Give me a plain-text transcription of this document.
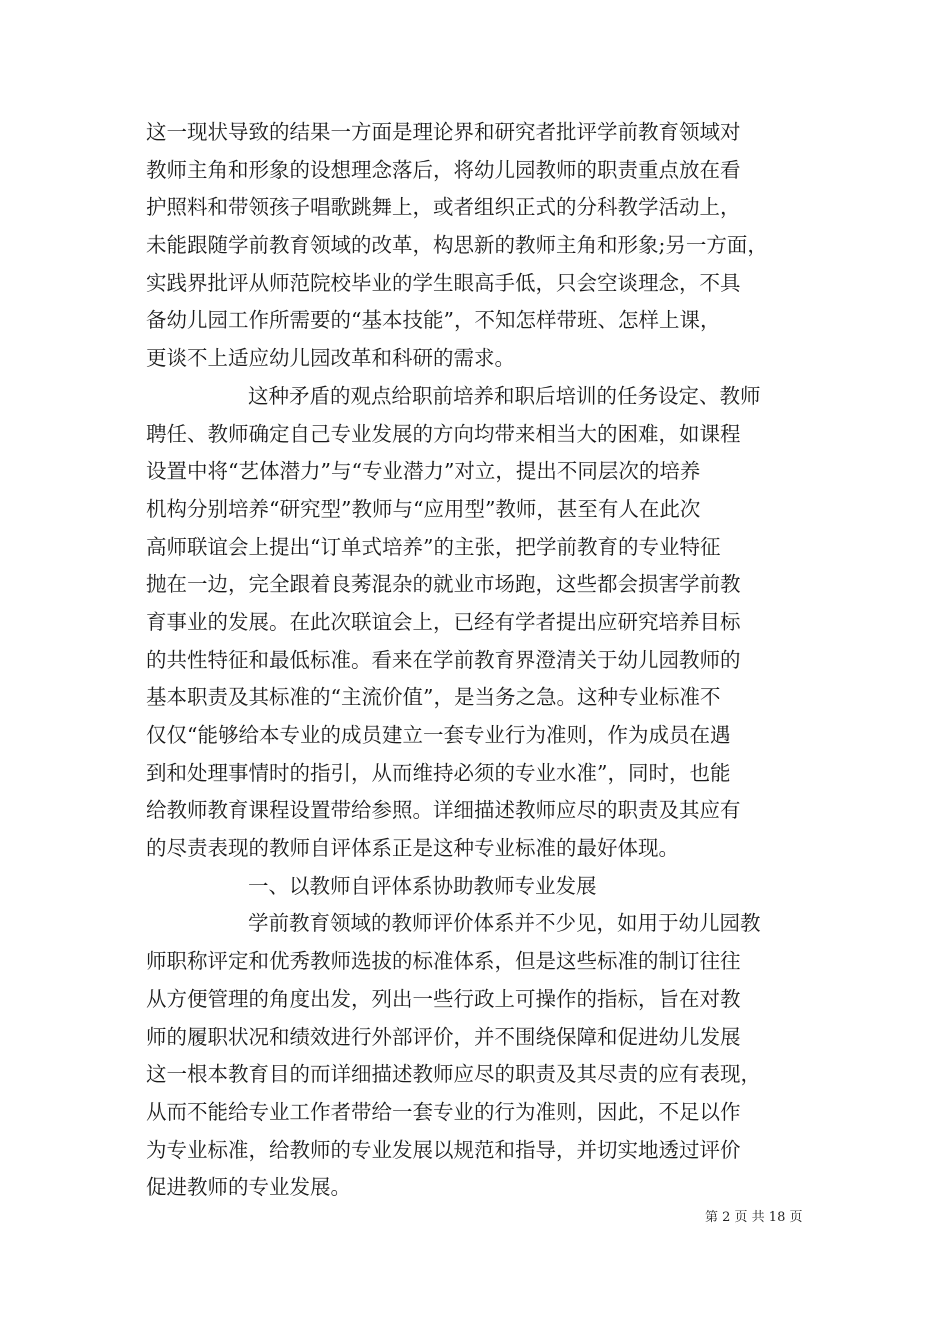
这一现状导致的结果一方面是理论界和研究者批评学前教育领域对
教师主角和形象的设想理念落后，将幼儿园教师的职责重点放在看
护照料和带领孩子唱歌跳舞上，或者组织正式的分科教学活动上，
未能跟随学前教育领域的改革，构思新的教师主角和形象;另一方面，
实践界批评从师范院校毕业的学生眼高手低，只会空谈理念，不具
备幼儿园工作所需要的“基本技能”，不知怎样带班、怎样上课，
更谈不上适应幼儿园改革和科研的需求。
这种矛盾的观点给职前培养和职后培训的任务设定、教师
聘任、教师确定自己专业发展的方向均带来相当大的困难，如课程
设置中将“艺体潜力”与“专业潜力”对立，提出不同层次的培养
机构分别培养“研究型”教师与“应用型”教师，甚至有人在此次
高师联谊会上提出“订单式培养”的主张，把学前教育的专业特征
抛在一边，完全跟着良莠混杂的就业市场跑，这些都会损害学前教
育事业的发展。在此次联谊会上，已经有学者提出应研究培养目标
的共性特征和最低标准。看来在学前教育界澄清关于幼儿园教师的
基本职责及其标准的“主流价值”，是当务之急。这种专业标准不
仅仅“能够给本专业的成员建立一套专业行为准则，作为成员在遇
到和处理事情时的指引，从而维持必须的专业水准”，同时，也能
给教师教育课程设置带给参照。详细描述教师应尽的职责及其应有
的尽责表现的教师自评体系正是这种专业标准的最好体现。
一、以教师自评体系协助教师专业发展
学前教育领域的教师评价体系并不少见，如用于幼儿园教
师职称评定和优秀教师选拔的标准体系，但是这些标准的制订往往
从方便管理的角度出发，列出一些行政上可操作的指标，旨在对教
师的履职状况和绩效进行外部评价，并不围绕保障和促进幼儿发展
这一根本教育目的而详细描述教师应尽的职责及其尽责的应有表现，
从而不能给专业工作者带给一套专业的行为准则，因此，不足以作
为专业标准，给教师的专业发展以规范和指导，并切实地透过评价
促进教师的专业发展。
第 2 页 共 18 页
